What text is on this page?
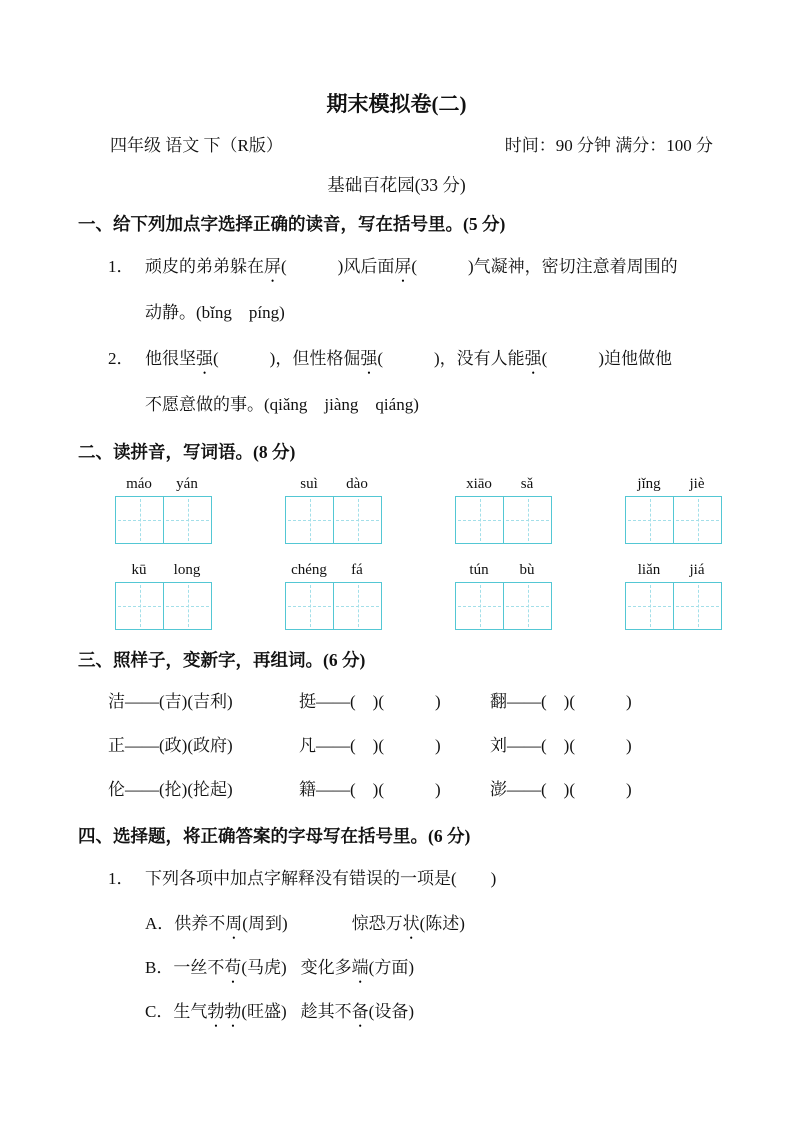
期末模拟卷(二)
四年级 语文 下（R版）	时间：90 分钟 满分：100 分
基础百花园(33 分)
一、给下列加点字选择正确的读音，写在括号里。(5 分)
1． 顽皮的弟弟躲在屏(　　　)风后面屏(　　　)气凝神，密切注意着周围的
动静。(bǐng　píng)
2． 他很坚强(　　　)，但性格倔强(　　　)，没有人能强(　　　)迫他做他
不愿意做的事。(qiǎng　jiàng　qiáng)
二、读拼音，写词语。(8 分)
máo	yán	suì	dào	xiāo	sǎ	jǐng	jiè
kū	long	chéng	fá	tún	bù	liǎn	jiá
三、照样子，变新字，再组词。(6 分)
洁——(吉)(吉利)	挺——(　)(　　　)	翻——(　)(　　　)
正——(政)(政府)	凡——(　)(　　　)	刘——(　)(　　　)
伦——(抡)(抡起)	籍——(　)(　　　)	澎——(　)(　　　)
四、选择题，将正确答案的字母写在括号里。(6 分)
1． 下列各项中加点字解释没有错误的一项是(　　)
A．供养不周(周到)	惊恐万状(陈述)
B．一丝不苟(马虎) 变化多端(方面)
C．生气勃勃(旺盛) 趁其不备(设备)
